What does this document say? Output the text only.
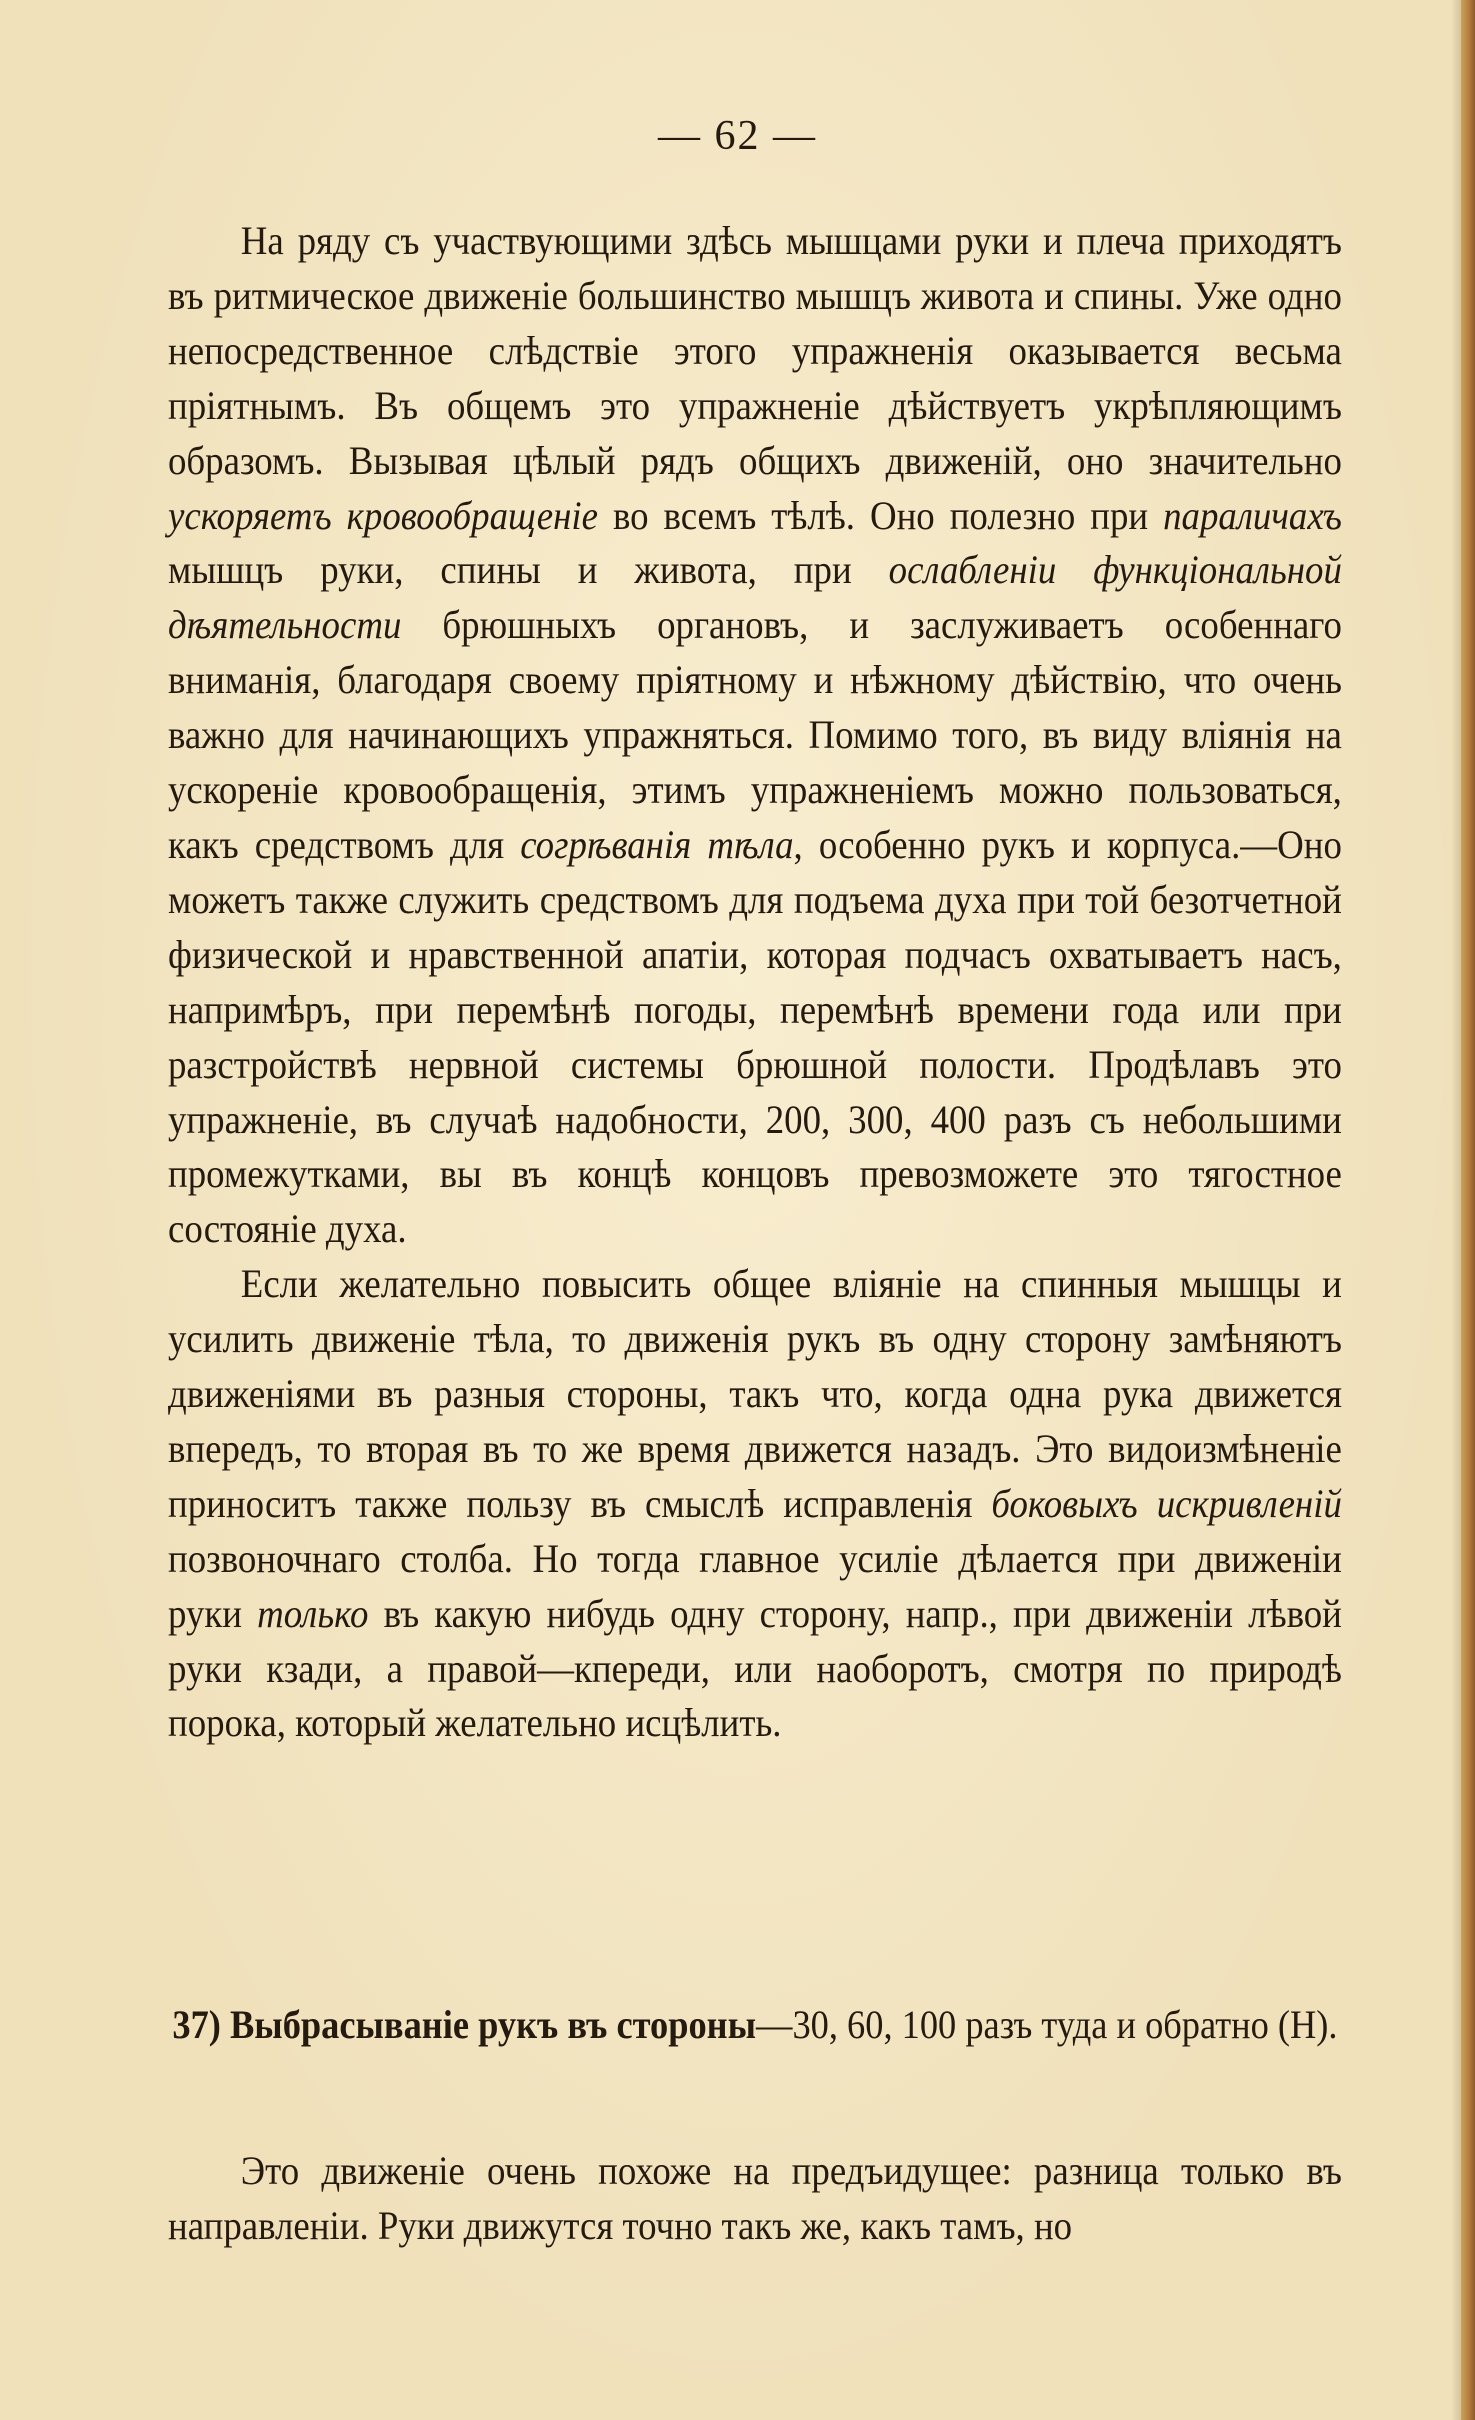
— 62 —

На ряду съ участвующими здѣсь мышцами руки и плеча приходятъ въ ритмическое движеніе большинство мышцъ живота и спины. Уже одно непосредственное слѣдствіе этого упражненія оказывается весьма пріятнымъ. Въ общемъ это упражненіе дѣйствуетъ укрѣпляющимъ образомъ. Вызывая цѣлый рядъ общихъ движеній, оно значительно ускоряетъ кровообращеніе во всемъ тѣлѣ. Оно полезно при параличахъ мышцъ руки, спины и живота, при ослабленіи функціональной дѣятельности брюшныхъ органовъ, и заслуживаетъ особеннаго вниманія, благодаря своему пріятному и нѣжному дѣйствію, что очень важно для начинающихъ упражняться. Помимо того, въ виду вліянія на ускореніе кровообращенія, этимъ упражненіемъ можно пользоваться, какъ средствомъ для согрѣванія тѣла, особенно рукъ и корпуса.—Оно можетъ также служить средствомъ для подъема духа при той безотчетной физической и нравственной апатіи, которая подчасъ охватываетъ насъ, напримѣръ, при перемѣнѣ погоды, перемѣнѣ времени года или при разстройствѣ нервной системы брюшной полости. Продѣлавъ это упражненіе, въ случаѣ надобности, 200, 300, 400 разъ съ небольшими промежутками, вы въ концѣ концовъ превозможете это тягостное состояніе духа.

Если желательно повысить общее вліяніе на спинныя мышцы и усилить движеніе тѣла, то движенія рукъ въ одну сторону замѣняютъ движеніями въ разныя стороны, такъ что, когда одна рука движется впередъ, то вторая въ то же время движется назадъ. Это видоизмѣненіе приноситъ также пользу въ смыслѣ исправленія боковыхъ искривленій позвоночнаго столба. Но тогда главное усиліе дѣлается при движеніи руки только въ какую нибудь одну сторону, напр., при движеніи лѣвой руки кзади, а правой—кпереди, или наоборотъ, смотря по природѣ порока, который желательно исцѣлить.

37) Выбрасываніе рукъ въ стороны—30, 60, 100 разъ туда и обратно (Н).

Это движеніе очень похоже на предъидущее: разница только въ направленіи. Руки движутся точно такъ же, какъ тамъ, но
